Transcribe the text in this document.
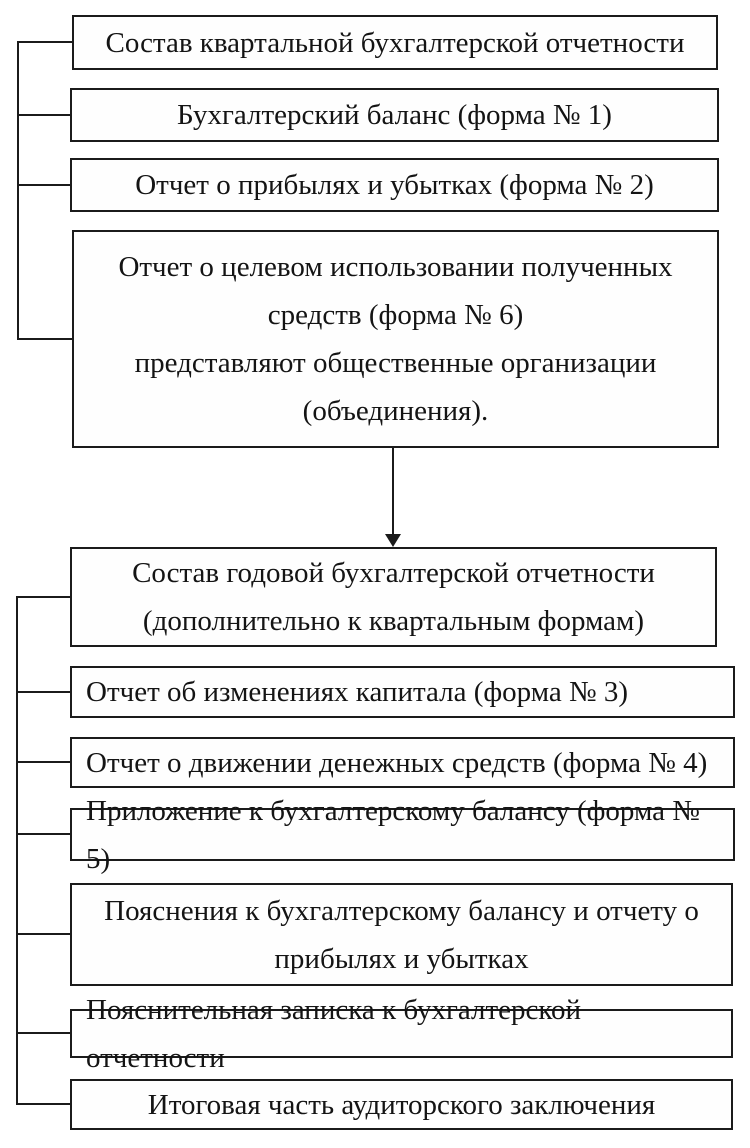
Состав квартальной бухгалтерской отчетности
Бухгалтерский баланс (форма № 1)
Отчет о прибылях и убытках (форма № 2)
Отчет о целевом использовании полученных
средств (форма № 6)
представляют общественные организации
(объединения).
Состав годовой бухгалтерской отчетности
(дополнительно к квартальным формам)
Отчет об изменениях капитала (форма № 3)
Отчет о движении денежных средств (форма № 4)
Приложение к бухгалтерскому балансу (форма № 5)
Пояснения к бухгалтерскому балансу и отчету о
прибылях и убытках
Пояснительная записка к бухгалтерской отчетности
Итоговая часть аудиторского заключения
